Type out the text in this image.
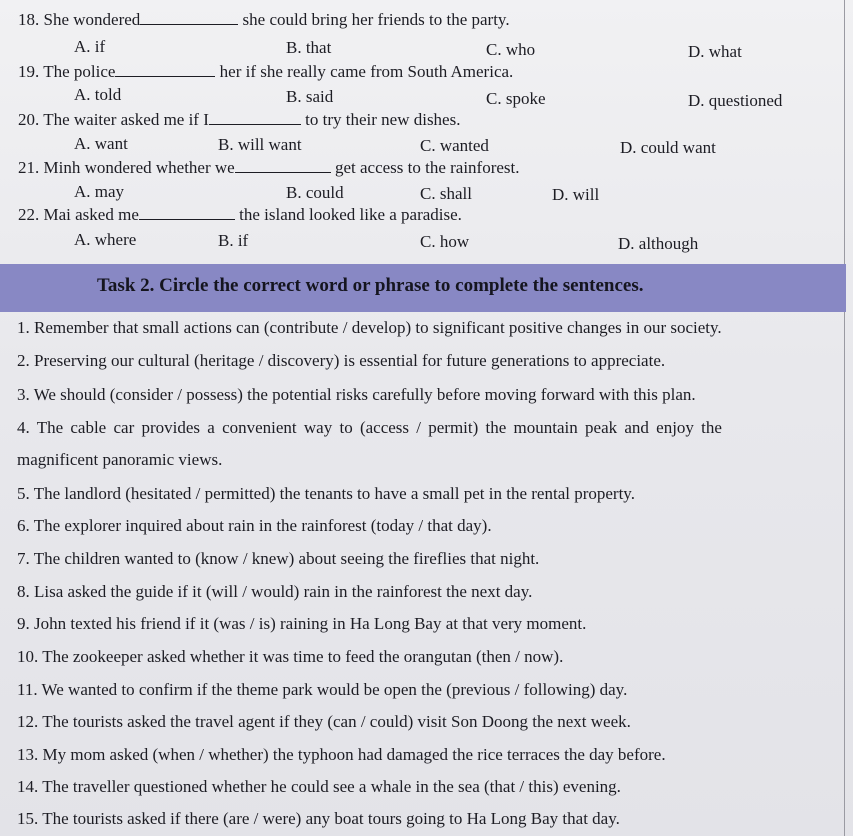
18. She wondered	she could bring her friends to the party.
A. if	B. that	C. who	D. what
19. The police	her if she really came from South America.
A. told	B. said	C. spoke	D. questioned
20. The waiter asked me if I	to try their new dishes.
A. want	B. will want	C. wanted	D. could want
21. Minh wondered whether we	get access to the rainforest.
A. may	B. could	C. shall	D. will
22. Mai asked me	the island looked like a paradise.
A. where	B. if	C. how	D. although
Task 2. Circle the correct word or phrase to complete the sentences.
1. Remember that small actions can (contribute / develop) to significant positive changes in our society.
2. Preserving our cultural (heritage / discovery) is essential for future generations to appreciate.
3. We should (consider / possess) the potential risks carefully before moving forward with this plan.
4. The cable car provides a convenient way to (access / permit) the mountain peak and enjoy the
magnificent panoramic views.
5. The landlord (hesitated / permitted) the tenants to have a small pet in the rental property.
6. The explorer inquired about rain in the rainforest (today / that day).
7. The children wanted to (know / knew) about seeing the fireflies that night.
8. Lisa asked the guide if it (will / would) rain in the rainforest the next day.
9. John texted his friend if it (was / is) raining in Ha Long Bay at that very moment.
10. The zookeeper asked whether it was time to feed the orangutan (then / now).
11. We wanted to confirm if the theme park would be open the (previous / following) day.
12. The tourists asked the travel agent if they (can / could) visit Son Doong the next week.
13. My mom asked (when / whether) the typhoon had damaged the rice terraces the day before.
14. The traveller questioned whether he could see a whale in the sea (that / this) evening.
15. The tourists asked if there (are / were) any boat tours going to Ha Long Bay that day.
